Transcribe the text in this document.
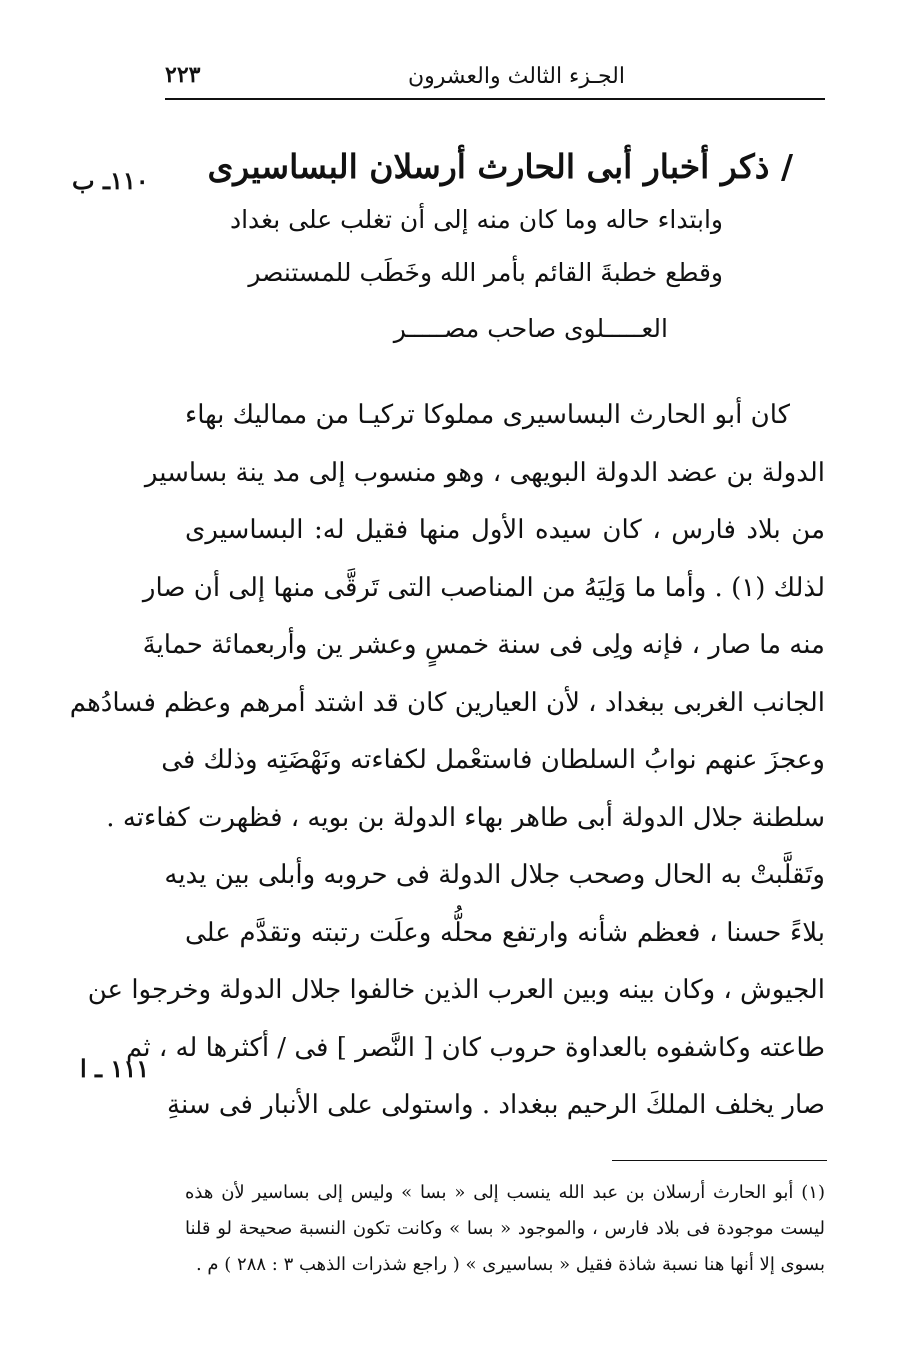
٢٢٣	الجـزء الثالث والعشرون
١١٠ـ ب
١١١ ـ ا
/ ذكر أخبار أبى الحارث أرسلان البساسيرى
وابتداء حاله وما كان منه إلى أن تغلب على بغداد
وقطع خطبةَ القائم بأمر الله وخَطَب للمستنصر
العـــــلوى صاحب مصـــــر
كان أبو الحارث البساسيرى مملوكا تركيـا من مماليك بهاء
الدولة بن عضد الدولة البويهى ، وهو منسوب إلى مد ينة بساسير
من بلاد فارس ، كان سيده الأول منها فقيل له: البساسيرى
لذلك (١) . وأما ما وَلِيَهُ من المناصب التى تَرقَّى منها إلى أن صار
منه ما صار ، فإنه ولِى فى سنة خمسٍ وعشر ين وأربعمائة حمايةَ
الجانب الغربى ببغداد ، لأن العيارين كان قد اشتد أمرهم وعظم فسادُهم
وعجزَ عنهم نوابُ السلطان فاستعْمل لكفاءته ونَهْضَتِه وذلك فى
سلطنة جلال الدولة أبى طاهر بهاء الدولة بن بويه ، فظهرت كفاءته .
وتَقلَّبتْ به الحال وصحب جلال الدولة فى حروبه وأبلى بين يديه
بلاءً حسنا ، فعظم شأنه وارتفع محلُّه وعلَت رتبته وتقدَّم على
الجيوش ، وكان بينه وبين العرب الذين خالفوا جلال الدولة وخرجوا عن
طاعته وكاشفوه بالعداوة حروب كان [ النَّصر ] فى / أكثرها له ، ثم
صار يخلف الملكَ الرحيم ببغداد . واستولى على الأنبار فى سنةِ
(١) أبو الحارث أرسلان بن عبد الله ينسب إلى « بسا » وليس إلى بساسير لأن هذه
ليست موجودة فى بلاد فارس ، والموجود « بسا » وكانت تكون النسبة صحيحة لو قلنا
بسوى إلا أنها هنا نسبة شاذة فقيل « بساسيرى » ( راجع شذرات الذهب ٣ : ٢٨٨ ) م .
